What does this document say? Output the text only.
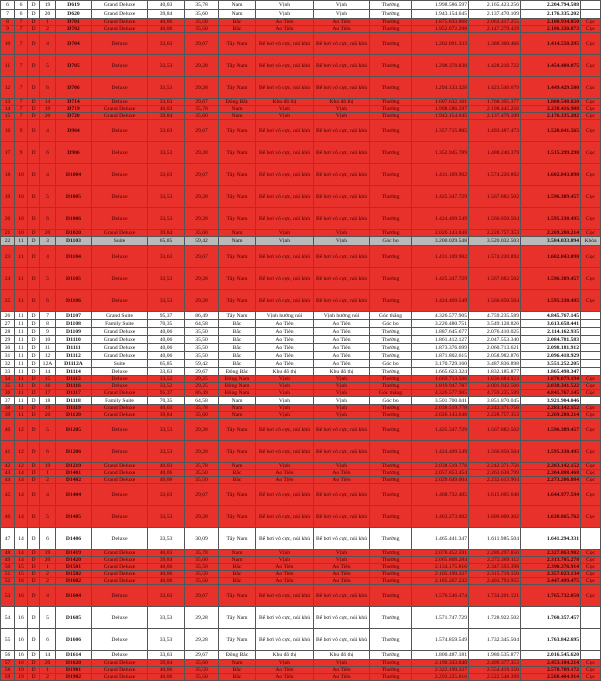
6	6	D	19	D619	Grand Deluxe	40,03	35,78	Nam	Vịnh	Vịnh	Thường	1.998.586.597	2.165.423.256	2.204.794.588	
7	6	D	20	D620	Grand Deluxe	39,84	35,60	Nam	Vịnh	Vịnh	Thường	1.943.154.645	2.137.470.109	2.176.335.202	
8	7	D	1	D701	Grand Deluxe	40,06	35,50	Bắc	Ao Tiên	Ao Tiên	Thường	1.875.833.868	2.063.417.255	2.100.934.050	Cọc
9	7	D	2	D702	Grand Deluxe	40,06	35,50	Bắc	Ao Tiên	Ao Tiên	Thường	1.952.072.208	2.147.279.429	2.186.320.873	Cọc
10	7	D	4	D704	Deluxe	33,63	29,67	Tây Nam	Bể bơi vô cực, núi khủ	Bể bơi vô cực, núi khủ	Thường	1.262.091.333	1.388.300.466	1.414.550.295	Cọc
11	7	D	5	D705	Deluxe	33,53	29,28	Tây Nam	Bể bơi vô cực, núi khủ	Bể bơi vô cực, núi khủ	Thường	1.298.378.838	1.428.216.722	1.454.408.075	Cọc
12	7	D	6	D706	Deluxe	33,53	29,28	Tây Nam	Bể bơi vô cực, núi khủ	Bể bơi vô cực, núi khủ	Thường	1.294.133.328	1.423.546.679	1.449.429.500	Cọc
13	7	D	14	D714	Deluxe	33,63	29,67	Đông Bắc	Khu đô thị	Khu đô thị	Thường	1.607.632.161	1.768.395.377	1.800.548.020	Cọc
14	7	D	19	D719	Grand Deluxe	40,03	35,78	Nam	Vịnh	Vịnh	Thường	1.998.586.597	2.198.445.256	2.238.416.988	Cọc
15	7	D	20	D720	Grand Deluxe	39,84	35,60	Nam	Vịnh	Vịnh	Thường	1.943.154.645	2.137.470.109	2.176.335.202	Cọc
16	9	D	4	D904	Deluxe	33,63	29,67	Tây Nam	Bể bơi vô cực, núi khủ	Bể bơi vô cực, núi khủ	Thường	1.357.715.885	1.493.487.473	1.520.641.565	Cọc
17	9	D	6	D906	Deluxe	33,53	29,28	Tây Nam	Bể bơi vô cực, núi khủ	Bể bơi vô cực, núi khủ	Thường	1.352.945.789	1.488.240.379	1.515.299.298	Cọc
18	10	D	4	D1004	Deluxe	33,63	29,67	Tây Nam	Bể bơi vô cực, núi khủ	Bể bơi vô cực, núi khủ	Thường	1.431.109.902	1.574.220.892	1.602.843.090	Cọc
19	10	D	5	D1005	Deluxe	33,53	29,28	Tây Nam	Bể bơi vô cực, núi khủ	Bể bơi vô cực, núi khủ	Thường	1.425.347.729	1.567.882.502	1.596.389.457	Cọc
20	10	D	6	D1006	Deluxe	33,53	29,28	Tây Nam	Bể bơi vô cực, núi khủ	Bể bơi vô cực, núi khủ	Thường	1.424.409.549	1.566.850.504	1.595.338.495	Cọc
21	10	D	20	D1020	Grand Deluxe	39,84	35,60	Nam	Vịnh	Vịnh	Thường	2.026.143.048	2.228.757.353	2.269.280.214	Cọc
22	11	D	3	D1103	Suite	65,85	59,42	Nam	Vịnh	Vịnh	Góc bo	3.200.029.548	3.520.032.503	3.584.033.094	Khóa
23	11	D	4	D1104	Deluxe	33,63	29,67	Tây Nam	Bể bơi vô cực, núi khủ	Bể bơi vô cực, núi khủ	Thường	1.431.109.902	1.574.220.892	1.602.843.090	Cọc
24	11	D	5	D1105	Deluxe	33,53	29,28	Tây Nam	Bể bơi vô cực, núi khủ	Bể bơi vô cực, núi khủ	Thường	1.425.347.729	1.567.882.502	1.596.389.457	Cọc
25	11	D	6	D1106	Deluxe	33,53	29,28	Tây Nam	Bể bơi vô cực, núi khủ	Bể bơi vô cực, núi khủ	Thường	1.424.409.549	1.566.850.504	1.595.338.495	Cọc
26	11	D	7	D1107	Grand Suite	95,37	86,49	Tây Nam	Vịnh hướng núi	Vịnh hướng núi	Góc thẳng	4.326.577.905	4.759.235.589	4.845.767.145	
27	11	D	8	D1108	Family Suite	70,35	64,58	Bắc	Ao Tiên	Ao Tiên	Góc bo	3.226.480.751	3.549.128.826	3.613.658.441	
28	11	D	9	D1109	Grand Deluxe	40,06	35,50	Bắc	Ao Tiên	Ao Tiên	Thường	1.887.645.677	2.076.410.025	2.114.162.935	
29	11	D	10	D1110	Grand Deluxe	40,06	35,50	Bắc	Ao Tiên	Ao Tiên	Thường	1.861.412.127	2.047.553.340	2.084.781.583	
30	11	D	11	D1111	Grand Deluxe	40,06	35,50	Bắc	Ao Tiên	Ao Tiên	Thường	1.873.376.699	2.060.713.621	2.098.181.912	
31	11	D	12	D1112	Grand Deluxe	40,06	35,50	Bắc	Ao Tiên	Ao Tiên	Thường	1.871.802.615	2.058.982.876	2.096.418.929	
32	11	D	12A	D1112A	Suite	65,85	59,42	Bắc	Ao Tiên	Ao Tiên	Góc bo	3.170.729.160	3.487.836.898	3.551.252.205	
33	11	D	14	D1114	Deluxe	33,63	29,67	Đông Bắc	Khu đô thị	Khu đô thị	Thường	1.665.623.324	1.832.185.877	1.865.498.347	
34	11	D	15	D1115	Deluxe	33,52	29,25	Đông Nam	Vịnh	Vịnh	Thường	1.669.713.566	1.836.684.923	1.870.079.194	Cọc
35	11	D	16	D1116	Deluxe	33,52	29,25	Đông Nam	Vịnh	Vịnh	Thường	1.819.947.787	2.001.942.566	2.038.341.522	Cọc
36	11	D	17	D1117	Grand Deluxe	95,37	86,49	Đông Nam	Vịnh	Vịnh	Góc thẳng	4.326.577.905	4.759.235.589	4.845.767.145	Cọc
37	11	D	18	D1118	Family Suite	70,35	64,58	Nam	Vịnh	Vịnh	Góc bo	3.501.700.041	3.851.870.045	3.921.904.046	
38	11	D	19	D1119	Grand Deluxe	40,03	35,78	Nam	Vịnh	Vịnh	Thường	2.038.519.778	2.242.371.756	2.283.142.152	Cọc
39	11	D	20	D1120	Grand Deluxe	39,84	35,60	Nam	Vịnh	Vịnh	Thường	2.026.143.048	2.228.757.353	2.269.280.214	Cọc
40	12	D	5	D1205	Deluxe	33,53	29,28	Tây Nam	Bể bơi vô cực, núi khủ	Bể bơi vô cực, núi khủ	Thường	1.425.347.729	1.567.882.502	1.596.389.457	Cọc
41	12	D	6	D1206	Deluxe	33,53	29,28	Tây Nam	Bể bơi vô cực, núi khủ	Bể bơi vô cực, núi khủ	Thường	1.424.409.549	1.566.850.504	1.595.338.495	Cọc
42	12	D	19	D1219	Grand Deluxe	40,03	35,78	Nam	Vịnh	Vịnh	Thường	2.038.519.778	2.242.371.756	2.283.142.152	Cọc
43	14	D	1	D1401	Grand Deluxe	40,06	35,50	Bắc	Ao Tiên	Ao Tiên	Thường	2.057.853.454	2.263.638.799	2.304.808.468	Cọc
44	14	D	2	D1402	Grand Deluxe	40,06	35,50	Bắc	Ao Tiên	Ao Tiên	Thường	2.029.649.004	2.232.613.904	2.273.206.884	Cọc
45	14	D	4	D1404	Deluxe	33,63	29,67	Tây Nam	Bể bơi vô cực, núi khủ	Bể bơi vô cực, núi khủ	Thường	1.468.732.405	1.615.605.646	1.644.977.594	Cọc
46	14	D	5	D1405	Deluxe	33,53	29,28	Tây Nam	Bể bơi vô cực, núi khủ	Bể bơi vô cực, núi khủ	Thường	1.463.273.002	1.609.600.302	1.638.865.762	Cọc
47	14	D	6	D1406	Deluxe	33,53	30,09	Tây Nam	Bể bơi vô cực, núi khủ	Bể bơi vô cực, núi khủ	Thường	1.465.441.347	1.611.985.504	1.641.294.331	
48	14	D	19	D1419	Grand Deluxe	40,03	35,78	Nam	Vịnh	Vịnh	Thường	2.078.452.591	2.286.297.850	2.327.863.902	Cọc
49	14	D	20	D1420	Grand Deluxe	39,84	35,60	Nam	Vịnh	Vịnh	Thường	2.065.808.284	2.272.389.112	2.313.705.278	Cọc
50	15	D	1	D1501	Grand Deluxe	40,06	35,50	Bắc	Ao Tiên	Ao Tiên	Thường	2.134.175.816	2.347.593.398	2.390.276.914	Cọc
51	15	D	2	D1502	Grand Deluxe	40,06	35,50	Bắc	Ao Tiên	Ao Tiên	Thường	2.105.199.227	2.315.719.150	2.357.823.134	Cọc
52	16	D	2	D1602	Grand Deluxe	40,06	35,50	Bắc	Ao Tiên	Ao Tiên	Thường	2.185.267.232	2.403.793.955	2.447.499.475	Cọc
53	16	D	4	D1604	Deluxe	33,63	29,67	Tây Nam	Bể bơi vô cực, núi khủ	Bể bơi vô cực, núi khủ	Thường	1.576.546.474	1.734.201.121	1.765.732.050	Cọc
54	16	D	5	D1605	Deluxe	33,53	29,28	Tây Nam	Bể bơi vô cực, núi khủ	Bể bơi vô cực, núi khủ	Thường	1.571.747.729	1.728.922.502	1.760.357.457	
55	16	D	6	D1606	Deluxe	33,53	29,28	Tây Nam	Bể bơi vô cực, núi khủ	Bể bơi vô cực, núi khủ	Thường	1.574.859.549	1.732.345.504	1.763.842.695	
56	16	D	14	D1614	Deluxe	33,63	29,67	Đông Bắc	Khu đô thị	Khu đô thị	Thường	1.800.487.181	1.980.535.877	2.016.545.620	
57	16	D	20	D1620	Grand Deluxe	39,84	35,60	Nam	Vịnh	Vịnh	Thường	2.190.343.048	2.409.377.353	2.453.184.214	Cọc
58	19	D	1	D1901	Grand Deluxe	40,06	35,50	Bắc	Ao Tiên	Ao Tiên	Thường	2.322.199.227	2.554.419.150	2.578.709.172	Cọc
59	19	D	2	D1902	Grand Deluxe	40,06	35,50	Bắc	Ao Tiên	Ao Tiên	Thường	2.293.225.816	2.522.548.398	2.568.404.914	Cọc
